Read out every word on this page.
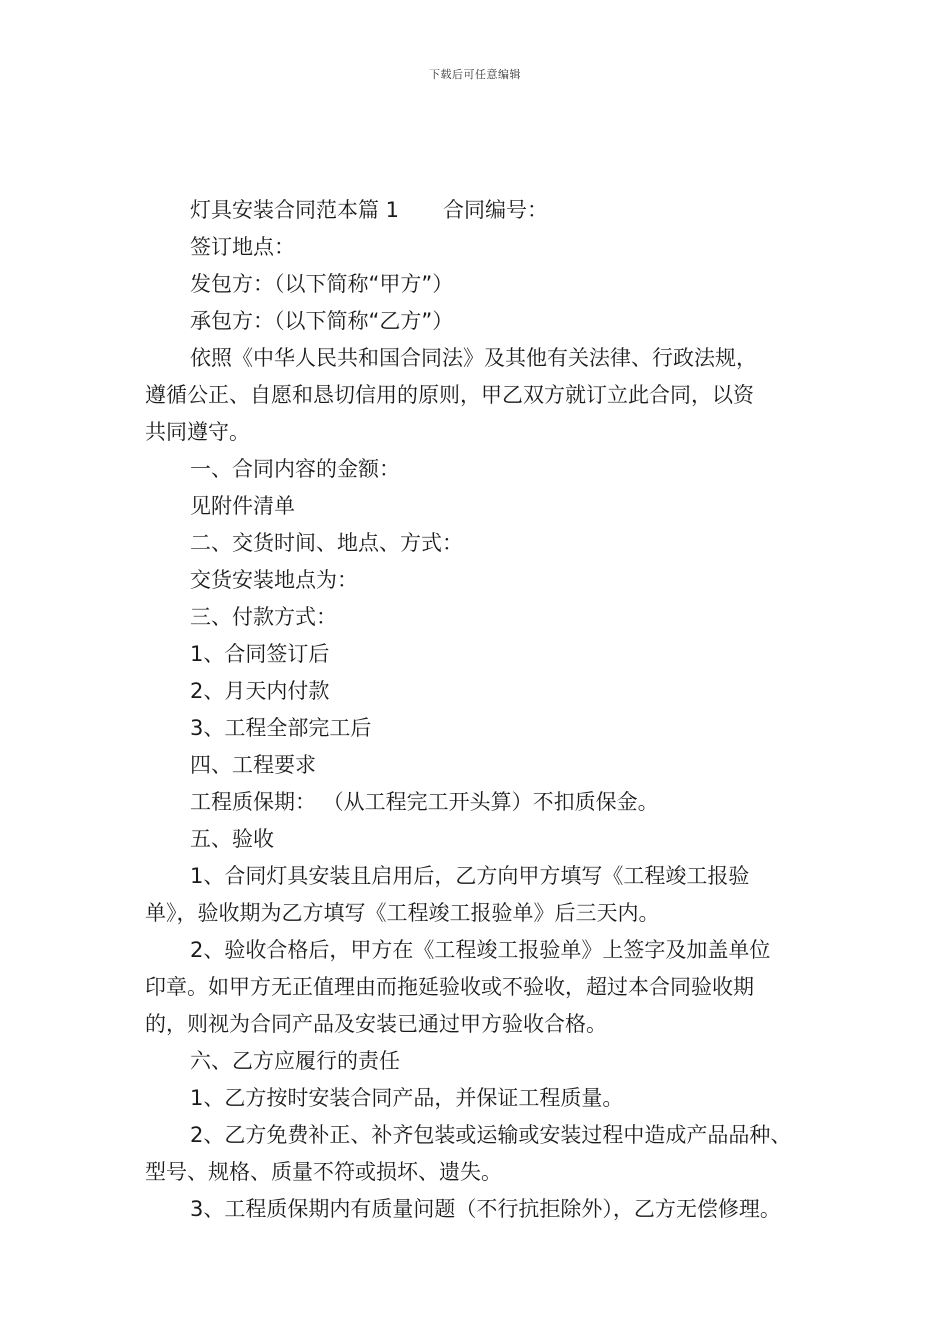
下载后可任意编辑
灯具安装合同范本篇 1 合同编号：
签订地点：
发包方：（以下简称“甲方”）
承包方：（以下简称“乙方”）
依照《中华人民共和国合同法》及其他有关法律、行政法规，
遵循公正、自愿和恳切信用的原则，甲乙双方就订立此合同，以资
共同遵守。
一、合同内容的金额：
见附件清单
二、交货时间、地点、方式：
交货安装地点为：
三、付款方式：
1、合同签订后
2、月天内付款
3、工程全部完工后
四、工程要求
工程质保期： （从工程完工开头算）不扣质保金。
五、验收
1、合同灯具安装且启用后，乙方向甲方填写《工程竣工报验
单》，验收期为乙方填写《工程竣工报验单》后三天内。
2、验收合格后，甲方在《工程竣工报验单》上签字及加盖单位
印章。如甲方无正值理由而拖延验收或不验收，超过本合同验收期
的，则视为合同产品及安装已通过甲方验收合格。
六、乙方应履行的责任
1、乙方按时安装合同产品，并保证工程质量。
2、乙方免费补正、补齐包装或运输或安装过程中造成产品品种、
型号、规格、质量不符或损坏、遗失。
3、工程质保期内有质量问题（不行抗拒除外），乙方无偿修理。
